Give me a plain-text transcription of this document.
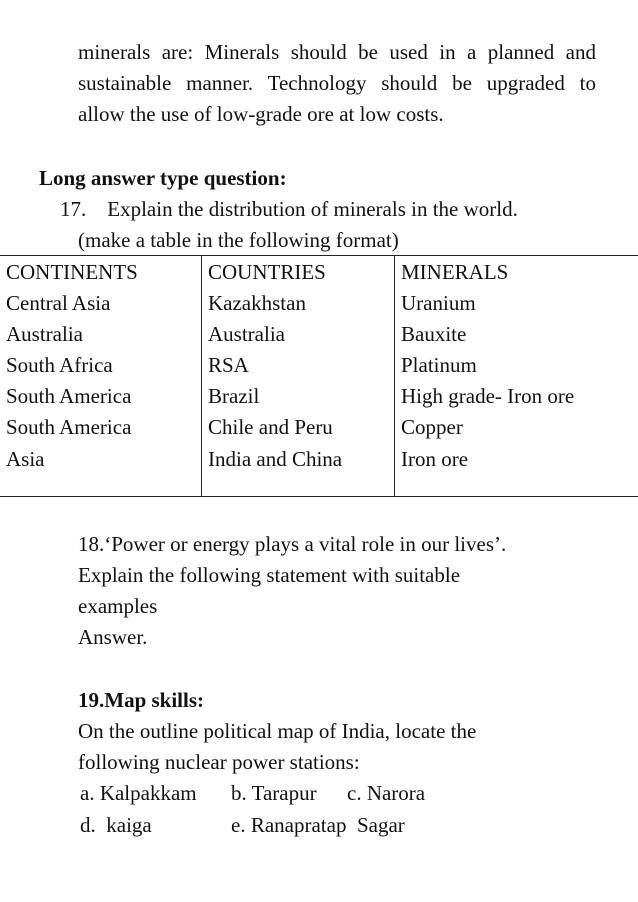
minerals are: Minerals should be used in a planned and
sustainable manner. Technology should be upgraded to
allow the use of low-grade ore at low costs.
Long answer type question:
17.    Explain the distribution of minerals in the world.
(make a table in the following format)
CONTINENTS	COUNTRIES	MINERALS
Central Asia	Kazakhstan	Uranium
Australia	Australia	Bauxite
South Africa	RSA	Platinum
South America	Brazil	High grade- Iron ore
South America	Chile and Peru	Copper
Asia	India and China	Iron ore
18.‘Power or energy plays a vital role in our lives’.
Explain the following statement with suitable
examples
Answer.
19.Map skills:
On the outline political map of India, locate the
following nuclear power stations:
a. Kalpakkam b. Tarapur c. Narora
d.  kaiga	e. Ranapratap  Sagar
